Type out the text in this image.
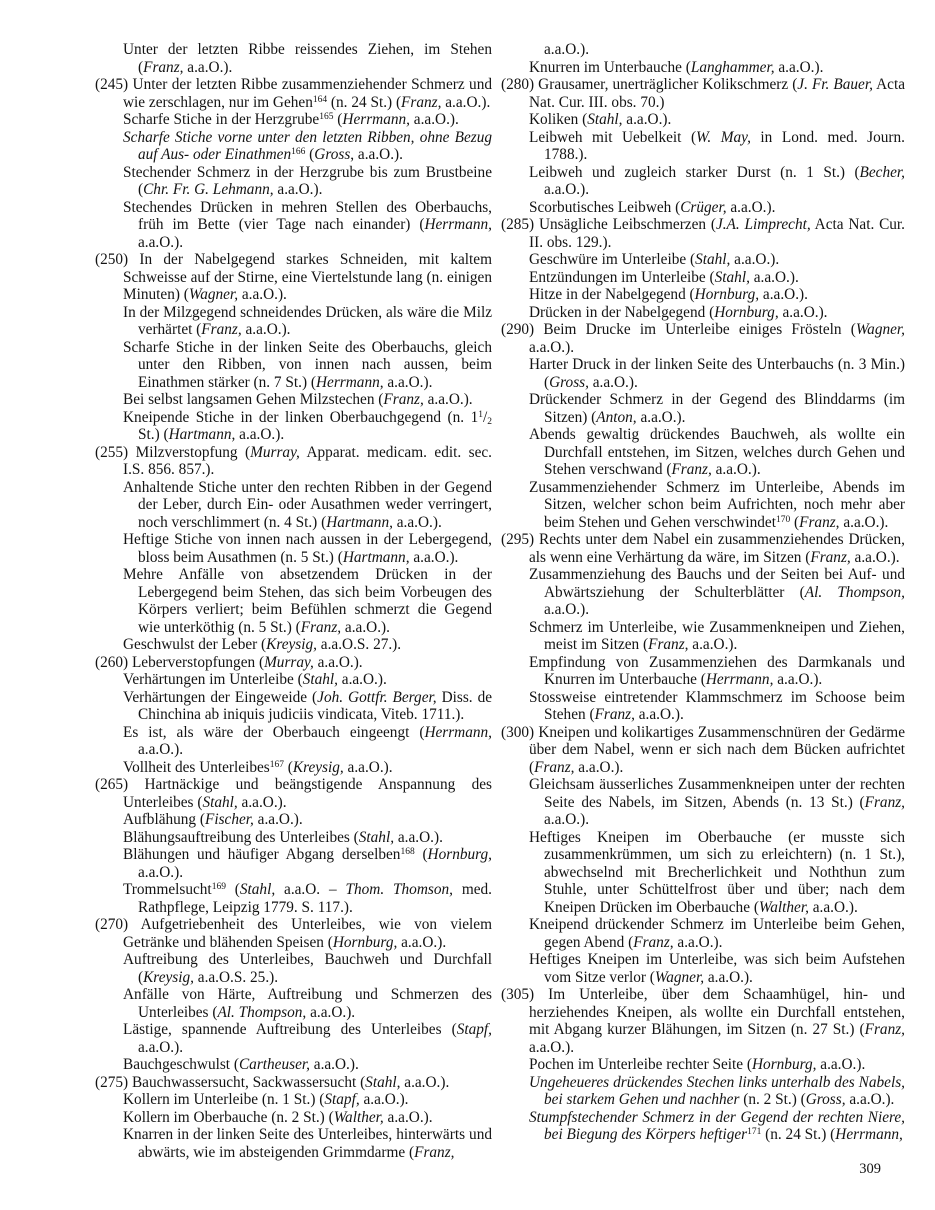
Unter der letzten Ribbe reissendes Ziehen, im Stehen (Franz, a.a.O.).

(245) Unter der letzten Ribbe zusammenziehender Schmerz und wie zerschlagen, nur im Gehen$^{164}$ (n. 24 St.) (Franz, a.a.O.).

Scharfe Stiche in der Herzgrube$^{165}$ (Herrmann, a.a.O.).

Scharfe Stiche vorne unter den letzten Ribben, ohne Bezug auf Aus- oder Einathmen$^{166}$ (Gross, a.a.O.).

Stechender Schmerz in der Herzgrube bis zum Brustbeine (Chr. Fr. G. Lehmann, a.a.O.).

Stechendes Drücken in mehren Stellen des Oberbauchs, früh im Bette (vier Tage nach einander) (Herrmann, a.a.O.).

(250) In der Nabelgegend starkes Schneiden, mit kaltem Schweisse auf der Stirne, eine Viertelstunde lang (n. einigen Minuten) (Wagner, a.a.O.).

In der Milzgegend schneidendes Drücken, als wäre die Milz verhärtet (Franz, a.a.O.).

Scharfe Stiche in der linken Seite des Oberbauchs, gleich unter den Ribben, von innen nach aussen, beim Einathmen stärker (n. 7 St.) (Herrmann, a.a.O.).

Bei selbst langsamen Gehen Milzstechen (Franz, a.a.O.).

Kneipende Stiche in der linken Oberbauchgegend (n. $1^1/_2$ St.) (Hartmann, a.a.O.).

(255) Milzverstopfung (Murray, Apparat. medicam. edit. sec. I.S. 856. 857.).

Anhaltende Stiche unter den rechten Ribben in der Gegend der Leber, durch Ein- oder Ausathmen weder verringert, noch verschlimmert (n. 4 St.) (Hartmann, a.a.O.).

Heftige Stiche von innen nach aussen in der Lebergegend, bloss beim Ausathmen (n. 5 St.) (Hartmann, a.a.O.).

Mehre Anfälle von absetzendem Drücken in der Lebergegend beim Stehen, das sich beim Vorbeugen des Körpers verliert; beim Befühlen schmerzt die Gegend wie unterköthig (n. 5 St.) (Franz, a.a.O.).

Geschwulst der Leber (Kreysig, a.a.O.S. 27.).

(260) Leberverstopfungen (Murray, a.a.O.).

Verhärtungen im Unterleibe (Stahl, a.a.O.).

Verhärtungen der Eingeweide (Joh. Gottfr. Berger, Diss. de Chinchina ab iniquis judiciis vindicata, Viteb. 1711.).

Es ist, als wäre der Oberbauch eingeengt (Herrmann, a.a.O.).

Vollheit des Unterleibes$^{167}$ (Kreysig, a.a.O.).

(265) Hartnäckige und beängstigende Anspannung des Unterleibes (Stahl, a.a.O.).

Aufblähung (Fischer, a.a.O.).

Blähungsauftreibung des Unterleibes (Stahl, a.a.O.).

Blähungen und häufiger Abgang derselben$^{168}$ (Hornburg, a.a.O.).

Trommelsucht$^{169}$ (Stahl, a.a.O. – Thom. Thomson, med. Rathpflege, Leipzig 1779. S. 117.).

(270) Aufgetriebenheit des Unterleibes, wie von vielem Getränke und blähenden Speisen (Hornburg, a.a.O.).

Auftreibung des Unterleibes, Bauchweh und Durchfall (Kreysig, a.a.O.S. 25.).

Anfälle von Härte, Auftreibung und Schmerzen des Unterleibes (Al. Thompson, a.a.O.).

Lästige, spannende Auftreibung des Unterleibes (Stapf, a.a.O.).

Bauchgeschwulst (Cartheuser, a.a.O.).

(275) Bauchwassersucht, Sackwassersucht (Stahl, a.a.O.).

Kollern im Unterleibe (n. 1 St.) (Stapf, a.a.O.).

Kollern im Oberbauche (n. 2 St.) (Walther, a.a.O.).

Knarren in der linken Seite des Unterleibes, hinterwärts und abwärts, wie im absteigenden Grimmdarme (Franz,

a.a.O.).

Knurren im Unterbauche (Langhammer, a.a.O.).

(280) Grausamer, unerträglicher Kolikschmerz (J. Fr. Bauer, Acta Nat. Cur. III. obs. 70.)

Koliken (Stahl, a.a.O.).

Leibweh mit Uebelkeit (W. May, in Lond. med. Journ. 1788.).

Leibweh und zugleich starker Durst (n. 1 St.) (Becher, a.a.O.).

Scorbutisches Leibweh (Crüger, a.a.O.).

(285) Unsägliche Leibschmerzen (J.A. Limprecht, Acta Nat. Cur. II. obs. 129.).

Geschwüre im Unterleibe (Stahl, a.a.O.).

Entzündungen im Unterleibe (Stahl, a.a.O.).

Hitze in der Nabelgegend (Hornburg, a.a.O.).

Drücken in der Nabelgegend (Hornburg, a.a.O.).

(290) Beim Drucke im Unterleibe einiges Frösteln (Wagner, a.a.O.).

Harter Druck in der linken Seite des Unterbauchs (n. 3 Min.) (Gross, a.a.O.).

Drückender Schmerz in der Gegend des Blinddarms (im Sitzen) (Anton, a.a.O.).

Abends gewaltig drückendes Bauchweh, als wollte ein Durchfall entstehen, im Sitzen, welches durch Gehen und Stehen verschwand (Franz, a.a.O.).

Zusammenziehender Schmerz im Unterleibe, Abends im Sitzen, welcher schon beim Aufrichten, noch mehr aber beim Stehen und Gehen verschwindet$^{170}$ (Franz, a.a.O.).

(295) Rechts unter dem Nabel ein zusammenziehendes Drücken, als wenn eine Verhärtung da wäre, im Sitzen (Franz, a.a.O.).

Zusammenziehung des Bauchs und der Seiten bei Auf- und Abwärtsziehung der Schulterblätter (Al. Thompson, a.a.O.).

Schmerz im Unterleibe, wie Zusammenkneipen und Ziehen, meist im Sitzen (Franz, a.a.O.).

Empfindung von Zusammenziehen des Darmkanals und Knurren im Unterbauche (Herrmann, a.a.O.).

Stossweise eintretender Klammschmerz im Schoose beim Stehen (Franz, a.a.O.).

(300) Kneipen und kolikartiges Zusammenschnüren der Gedärme über dem Nabel, wenn er sich nach dem Bücken aufrichtet (Franz, a.a.O.).

Gleichsam äusserliches Zusammenkneipen unter der rechten Seite des Nabels, im Sitzen, Abends (n. 13 St.) (Franz, a.a.O.).

Heftiges Kneipen im Oberbauche (er musste sich zusammenkrümmen, um sich zu erleichtern) (n. 1 St.), abwechselnd mit Brecherlichkeit und Noththun zum Stuhle, unter Schüttelfrost über und über; nach dem Kneipen Drücken im Oberbauche (Walther, a.a.O.).

Kneipend drückender Schmerz im Unterleibe beim Gehen, gegen Abend (Franz, a.a.O.).

Heftiges Kneipen im Unterleibe, was sich beim Aufstehen vom Sitze verlor (Wagner, a.a.O.).

(305) Im Unterleibe, über dem Schaamhügel, hin- und herziehendes Kneipen, als wollte ein Durchfall entstehen, mit Abgang kurzer Blähungen, im Sitzen (n. 27 St.) (Franz, a.a.O.).

Pochen im Unterleibe rechter Seite (Hornburg, a.a.O.).

Ungeheueres drückendes Stechen links unterhalb des Nabels, bei starkem Gehen und nachher (n. 2 St.) (Gross, a.a.O.).

Stumpfstechender Schmerz in der Gegend der rechten Niere, bei Biegung des Körpers heftiger$^{171}$ (n. 24 St.) (Herrmann,

309
